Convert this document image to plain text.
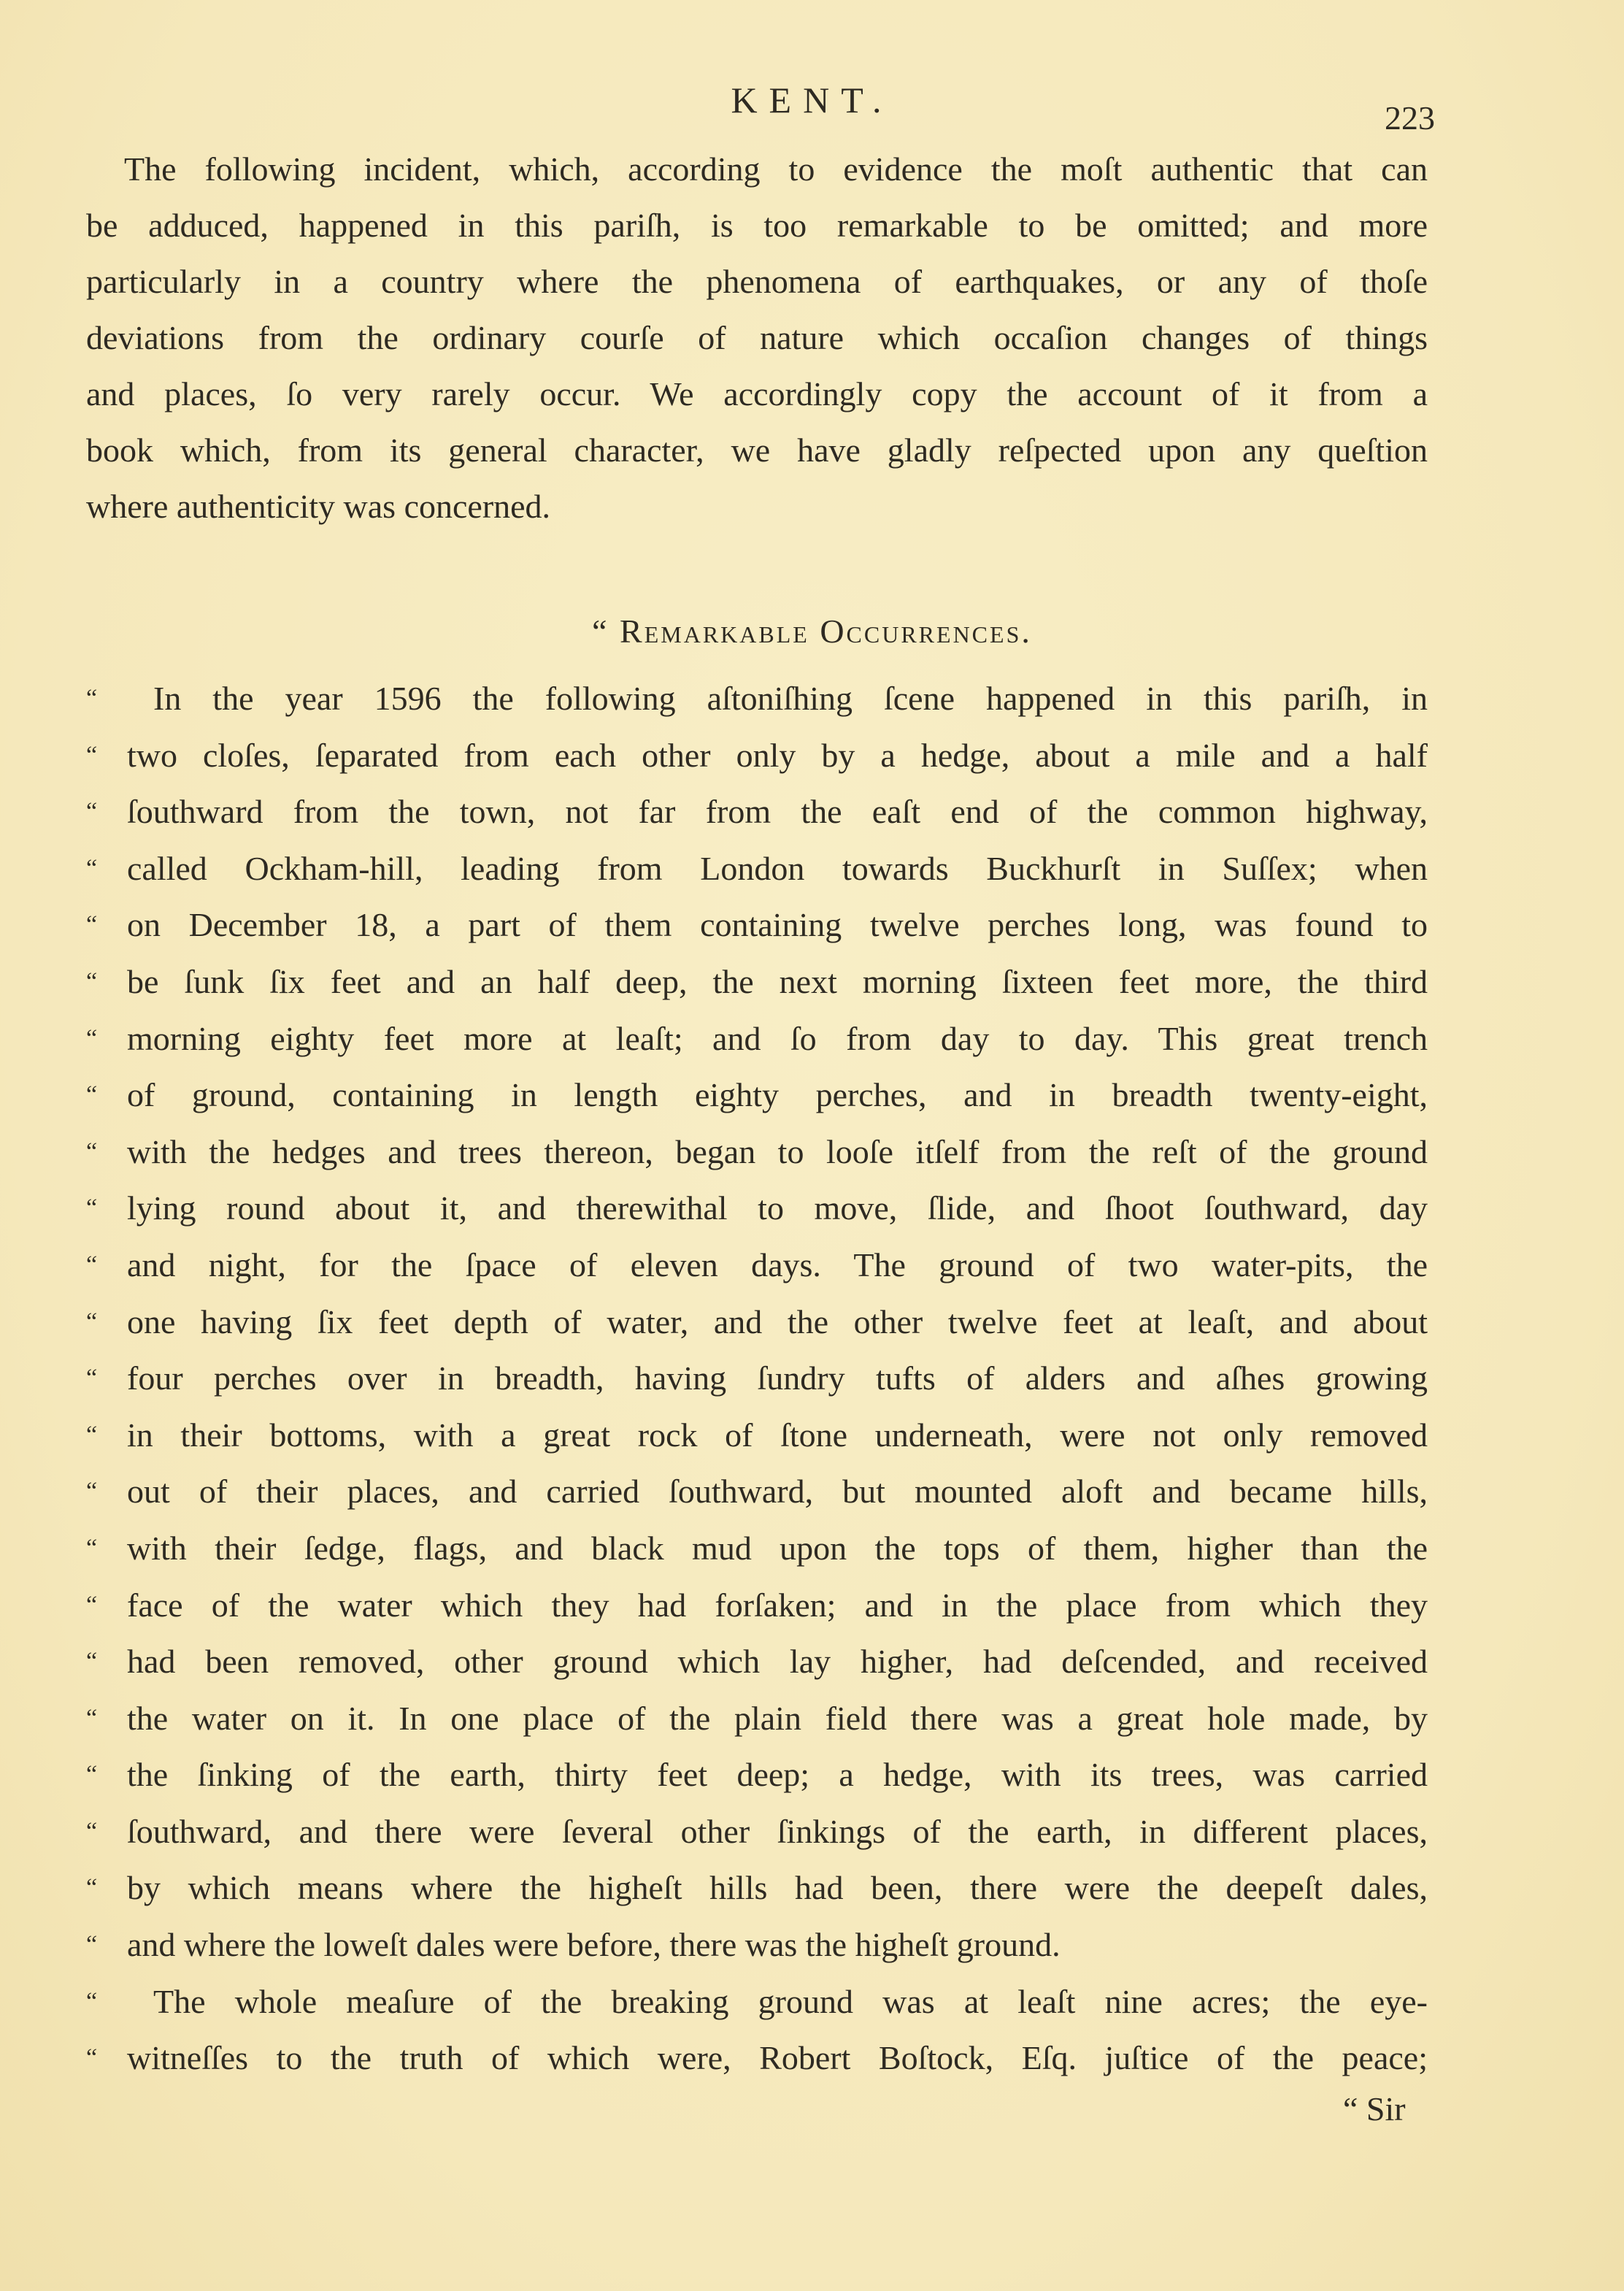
KENT.	223
The following incident, which, according to evidence the moſt authentic that can
be adduced, happened in this pariſh, is too remarkable to be omitted; and more
particularly in a country where the phenomena of earthquakes, or any of thoſe
deviations from the ordinary courſe of nature which occaſion changes of things
and places, ſo very rarely occur. We accordingly copy the account of it from a
book which, from its general character, we have gladly reſpected upon any queſtion
where authenticity was concerned.
“ Remarkable Occurrences.
“	In the year 1596 the following aſtoniſhing ſcene happened in this pariſh, in
“ two cloſes, ſeparated from each other only by a hedge, about a mile and a half
“ ſouthward from the town, not far from the eaſt end of the common highway,
“ called Ockham-hill, leading from London towards Buckhurſt in Suſſex; when
“ on December 18, a part of them containing twelve perches long, was found to
“ be ſunk ſix feet and an half deep, the next morning ſixteen feet more, the third
“ morning eighty feet more at leaſt; and ſo from day to day. This great trench
“ of ground, containing in length eighty perches, and in breadth twenty-eight,
“ with the hedges and trees thereon, began to looſe itſelf from the reſt of the ground
“ lying round about it, and therewithal to move, ſlide, and ſhoot ſouthward, day
“ and night, for the ſpace of eleven days. The ground of two water-pits, the
“ one having ſix feet depth of water, and the other twelve feet at leaſt, and about
“ four perches over in breadth, having ſundry tufts of alders and aſhes growing
“ in their bottoms, with a great rock of ſtone underneath, were not only removed
“ out of their places, and carried ſouthward, but mounted aloft and became hills,
“ with their ſedge, flags, and black mud upon the tops of them, higher than the
“ face of the water which they had forſaken; and in the place from which they
“ had been removed, other ground which lay higher, had deſcended, and received
“ the water on it. In one place of the plain field there was a great hole made, by
“ the ſinking of the earth, thirty feet deep; a hedge, with its trees, was carried
“ ſouthward, and there were ſeveral other ſinkings of the earth, in different places,
“ by which means where the higheſt hills had been, there were the deepeſt dales,
“ and where the loweſt dales were before, there was the higheſt ground.
“	The whole meaſure of the breaking ground was at leaſt nine acres; the eye-
“ witneſſes to the truth of which were, Robert Boſtock, Eſq. juſtice of the peace;
“ Sir
